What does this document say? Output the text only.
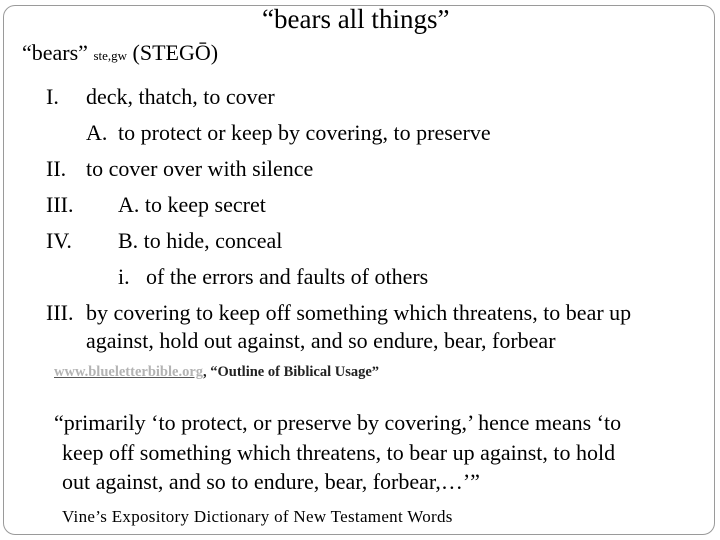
“bears all things”
“bears” ste,gw (STEGŌ)
I. deck, thatch, to cover
A. to protect or keep by covering, to preserve
II. to cover over with silence
III. A. to keep secret
IV. B. to hide, conceal
i. of the errors and faults of others
III. by covering to keep off something which threatens, to bear up
against, hold out against, and so endure, bear, forbear
www.blueletterbible.org, “Outline of Biblical Usage”
“primarily ‘to protect, or preserve by covering,’ hence means ‘to
keep off something which threatens, to bear up against, to hold
out against, and so to endure, bear, forbear,…’”
Vine’s Expository Dictionary of New Testament Words
